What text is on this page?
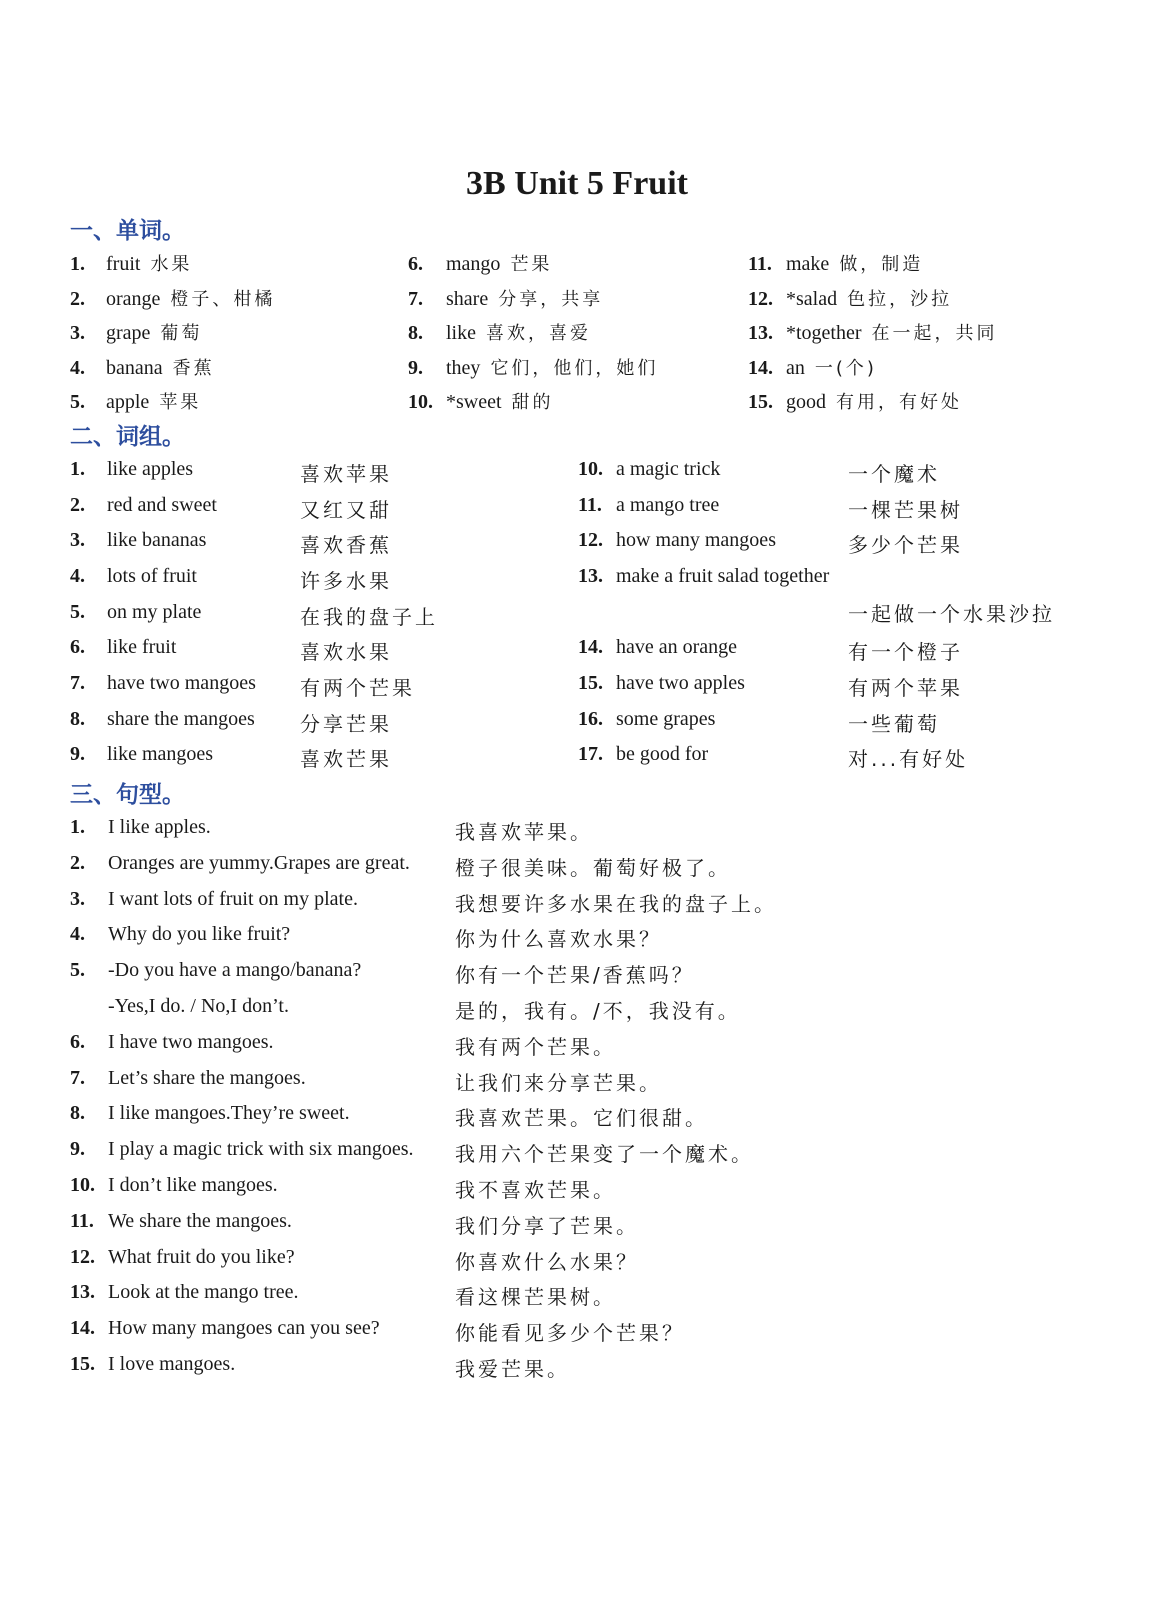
3B Unit 5 Fruit
一、单词。
1. fruit 水果
2. orange 橙子、柑橘
3. grape 葡萄
4. banana 香蕉
5. apple 苹果
6. mango 芒果
7. share 分享，共享
8. like 喜欢，喜爱
9. they 它们，他们，她们
10. *sweet 甜的
11. make 做，制造
12. *salad 色拉，沙拉
13. *together 在一起，共同
14. an 一(个)
15. good 有用，有好处
二、词组。
1. like apples	喜欢苹果
2. red and sweet	又红又甜
3. like bananas	喜欢香蕉
4. lots of fruit	许多水果
5. on my plate	在我的盘子上
6. like fruit	喜欢水果
7. have two mangoes 有两个芒果
8. share the mangoes 分享芒果
9. like mangoes	喜欢芒果
10. a magic trick	一个魔术
11. a mango tree	一棵芒果树
12. how many mangoes	多少个芒果
13. make a fruit salad together
一起做一个水果沙拉
14. have an orange	有一个橙子
15. have two apples	有两个苹果
16. some grapes	一些葡萄
17. be good for	对...有好处
三、句型。
1. I like apples.	我喜欢苹果。
2. Oranges are yummy.Grapes are great. 橙子很美味。葡萄好极了。
3. I want lots of fruit on my plate.	我想要许多水果在我的盘子上。
4. Why do you like fruit?	你为什么喜欢水果？
5. -Do you have a mango/banana?	你有一个芒果/香蕉吗？
-Yes,I do. / No,I don’t.	是的，我有。/不，我没有。
6. I have two mangoes.	我有两个芒果。
7. Let’s share the mangoes.	让我们来分享芒果。
8. I like mangoes.They’re sweet.	我喜欢芒果。它们很甜。
9. I play a magic trick with six mangoes. 我用六个芒果变了一个魔术。
10. I don’t like mangoes.	我不喜欢芒果。
11. We share the mangoes.	我们分享了芒果。
12. What fruit do you like?	你喜欢什么水果？
13. Look at the mango tree.	看这棵芒果树。
14. How many mangoes can you see?	你能看见多少个芒果？
15. I love mangoes.	我爱芒果。
